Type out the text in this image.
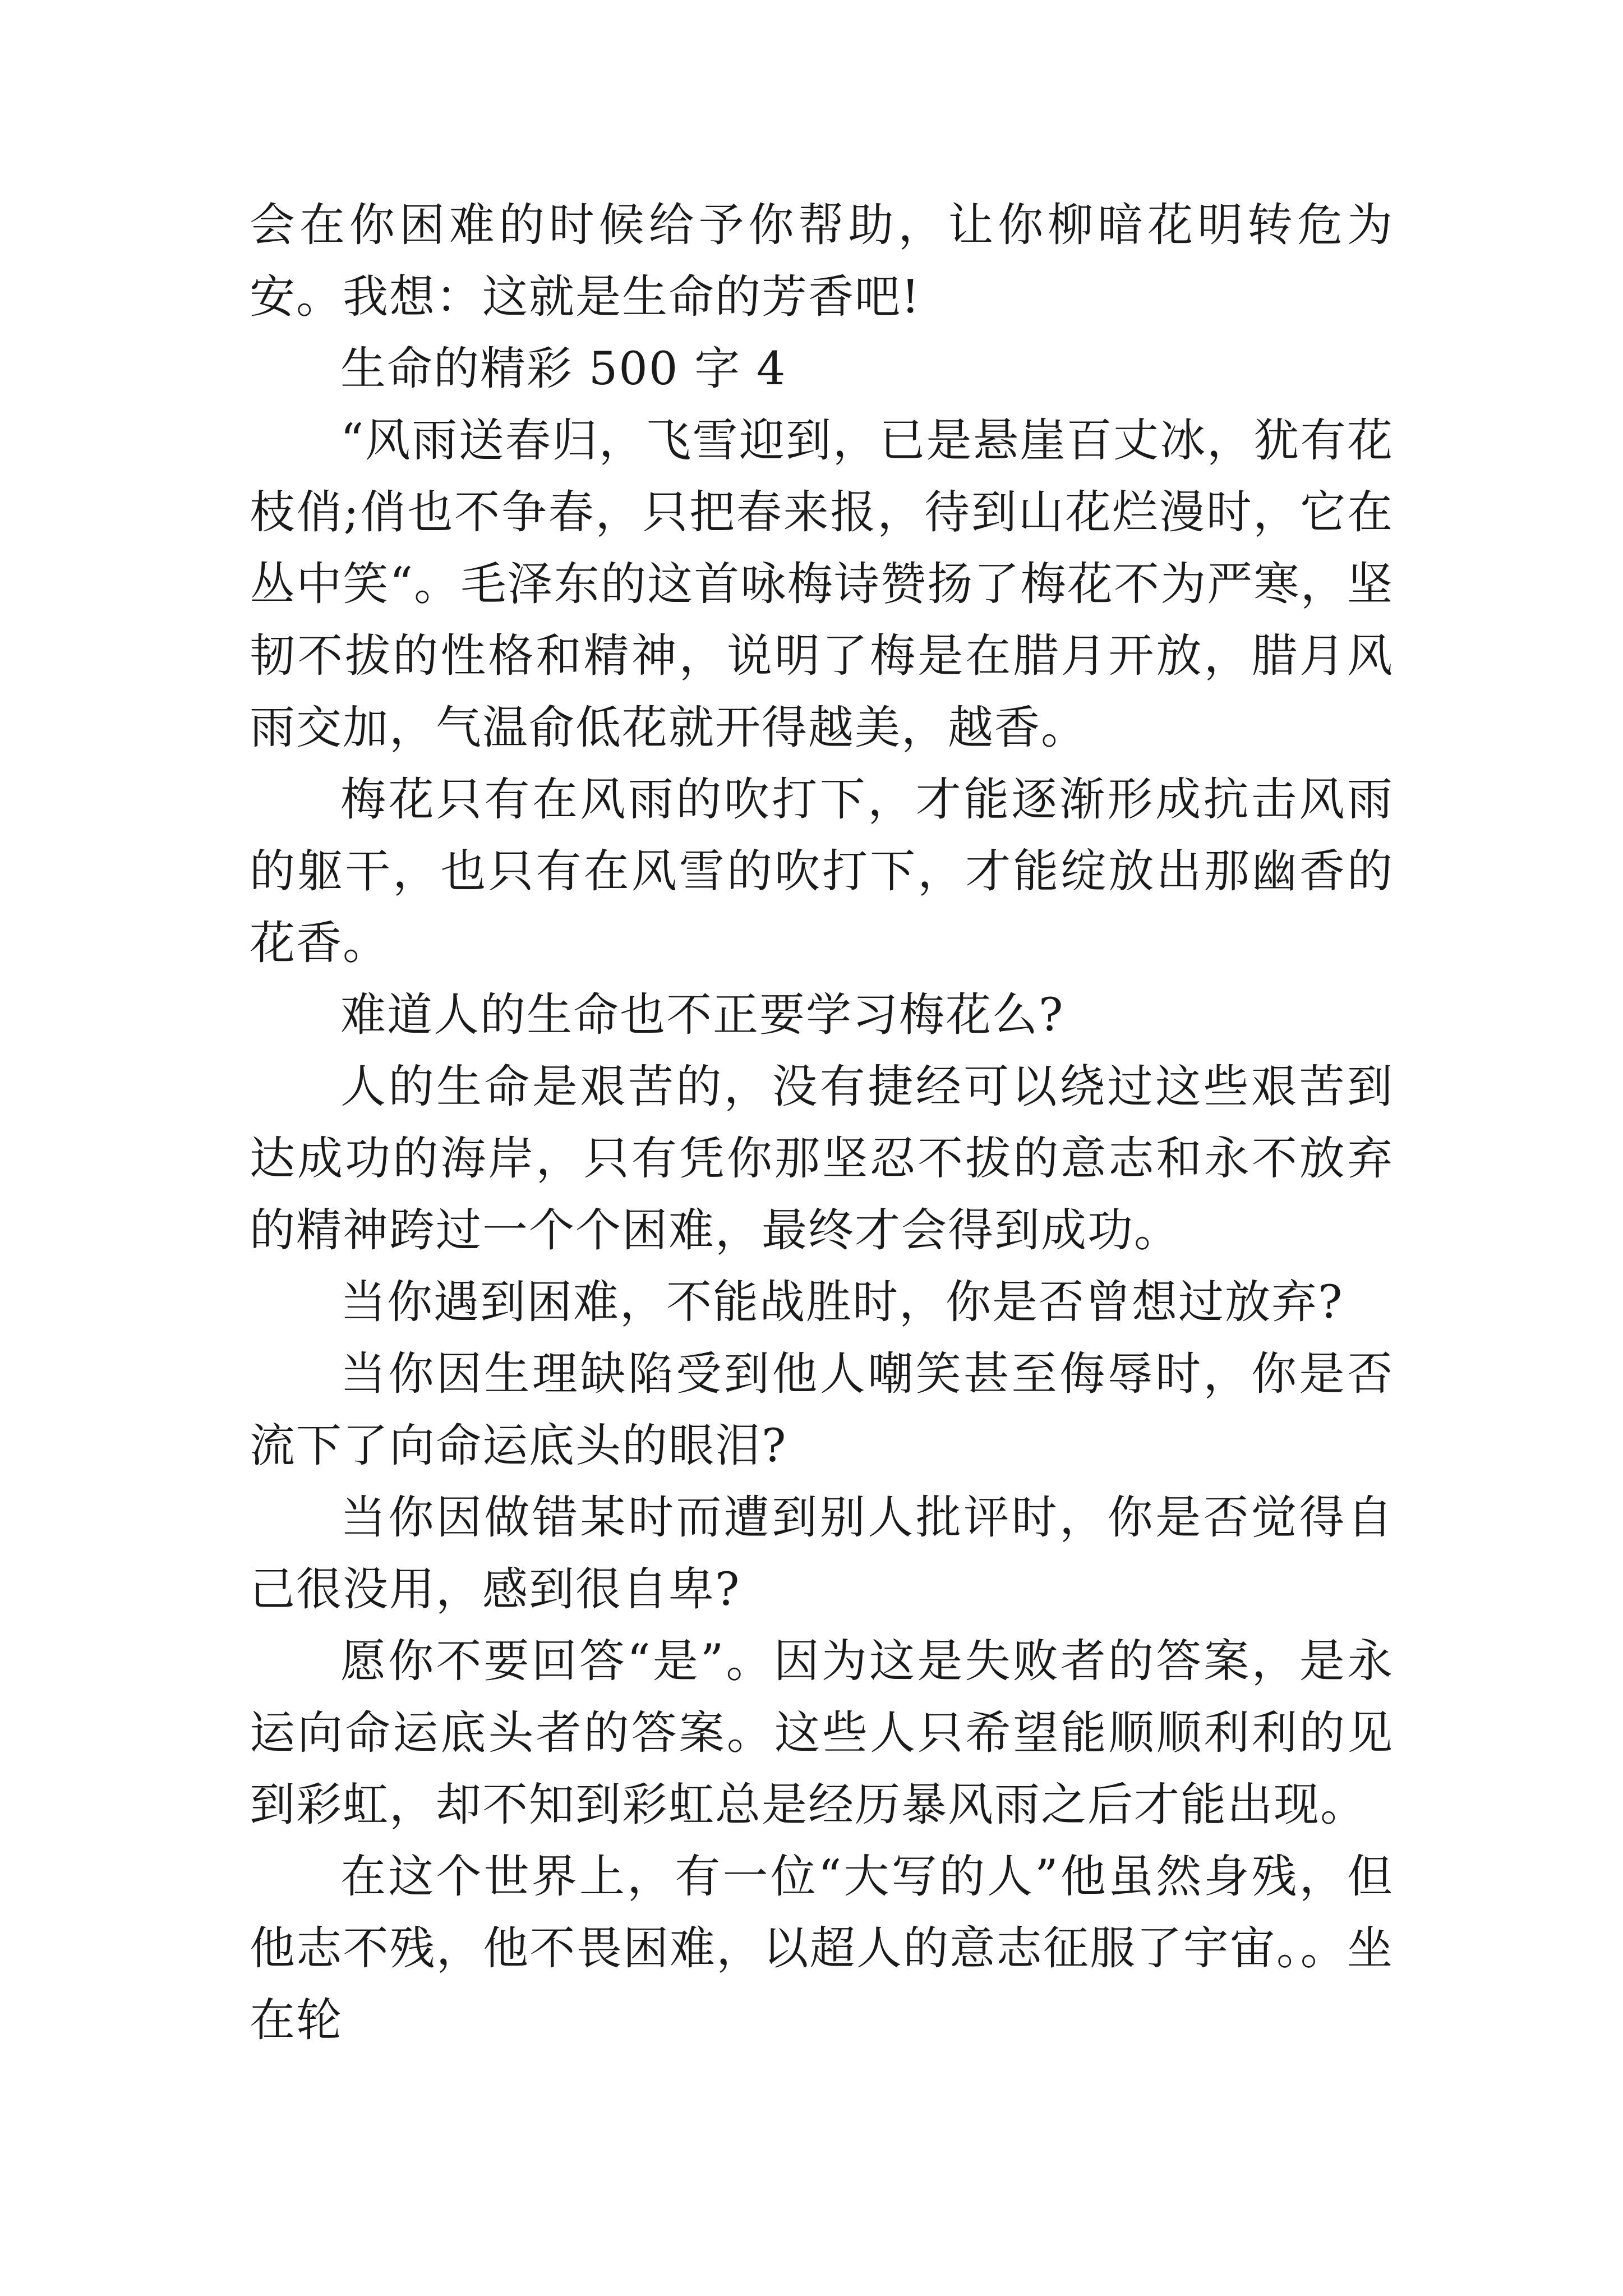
会在你困难的时候给予你帮助，让你柳暗花明转危为安。我想：这就是生命的芳香吧!

生命的精彩 500 字 4

“风雨送春归，飞雪迎到，已是悬崖百丈冰，犹有花枝俏;俏也不争春，只把春来报，待到山花烂漫时，它在丛中笑“。毛泽东的这首咏梅诗赞扬了梅花不为严寒，坚韧不拔的性格和精神，说明了梅是在腊月开放，腊月风雨交加，气温俞低花就开得越美，越香。

梅花只有在风雨的吹打下，才能逐渐形成抗击风雨的躯干，也只有在风雪的吹打下，才能绽放出那幽香的花香。

难道人的生命也不正要学习梅花么?

人的生命是艰苦的，没有捷经可以绕过这些艰苦到达成功的海岸，只有凭你那坚忍不拔的意志和永不放弃的精神跨过一个个困难，最终才会得到成功。

当你遇到困难，不能战胜时，你是否曾想过放弃?

当你因生理缺陷受到他人嘲笑甚至侮辱时，你是否流下了向命运底头的眼泪?

当你因做错某时而遭到别人批评时，你是否觉得自己很没用，感到很自卑?

愿你不要回答“是”。因为这是失败者的答案，是永运向命运底头者的答案。这些人只希望能顺顺利利的见到彩虹，却不知到彩虹总是经历暴风雨之后才能出现。

在这个世界上，有一位“大写的人”他虽然身残，但他志不残，他不畏困难，以超人的意志征服了宇宙。。坐在轮
